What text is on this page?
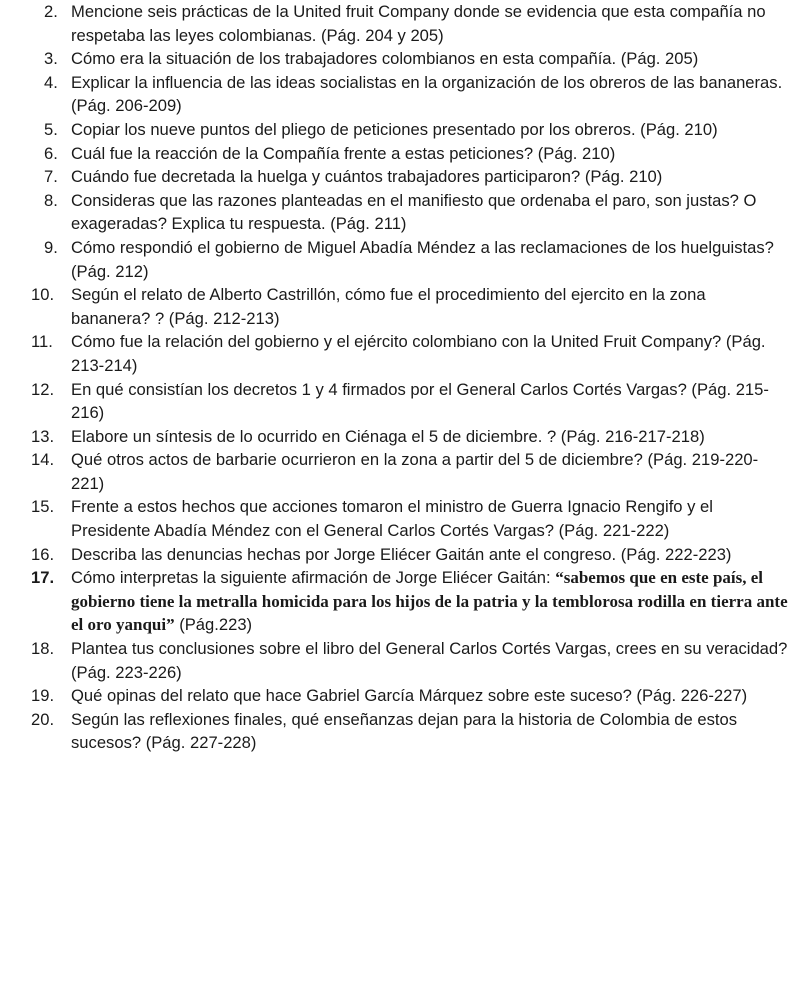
2. Mencione seis prácticas de la United fruit Company donde se evidencia que esta compañía no respetaba las leyes colombianas. (Pág. 204 y 205)
3. Cómo era la situación de los trabajadores colombianos en esta compañía. (Pág. 205)
4. Explicar la influencia de las ideas socialistas en la organización de los obreros de las bananeras. (Pág. 206-209)
5. Copiar los nueve puntos del pliego de peticiones presentado por los obreros. (Pág. 210)
6. Cuál fue la reacción de la Compañía frente a estas peticiones? (Pág. 210)
7. Cuándo fue decretada la huelga y cuántos trabajadores participaron? (Pág. 210)
8. Consideras que las razones planteadas en el manifiesto que ordenaba el paro, son justas? O exageradas? Explica tu respuesta. (Pág. 211)
9. Cómo respondió el gobierno de Miguel Abadía Méndez a las reclamaciones de los huelguistas? (Pág. 212)
10. Según el relato de Alberto Castrillón, cómo fue el procedimiento del ejercito en la zona bananera? ? (Pág. 212-213)
11. Cómo fue la relación del gobierno y el ejército colombiano con la United Fruit Company? (Pág. 213-214)
12. En qué consistían los decretos 1 y 4 firmados por el General Carlos Cortés Vargas? (Pág. 215-216)
13. Elabore un síntesis de lo ocurrido en Ciénaga el 5 de diciembre. ? (Pág. 216-217-218)
14. Qué otros actos de barbarie ocurrieron en la zona a partir del 5 de diciembre? (Pág. 219-220-221)
15. Frente a estos hechos que acciones tomaron el ministro de Guerra Ignacio Rengifo y el Presidente Abadía Méndez con el General Carlos Cortés Vargas? (Pág. 221-222)
16. Describa las denuncias hechas por Jorge Eliécer Gaitán ante el congreso. (Pág. 222-223)
17. Cómo interpretas la siguiente afirmación de Jorge Eliécer Gaitán: “sabemos que en este país, el gobierno tiene la metralla homicida para los hijos de la patria y la temblorosa rodilla en tierra ante el oro yanqui” (Pág.223)
18. Plantea tus conclusiones sobre el libro del General Carlos Cortés Vargas, crees en su veracidad? (Pág. 223-226)
19. Qué opinas del relato que hace Gabriel García Márquez sobre este suceso? (Pág. 226-227)
20. Según las reflexiones finales, qué enseñanzas dejan para la historia de Colombia de estos sucesos? (Pág. 227-228)
